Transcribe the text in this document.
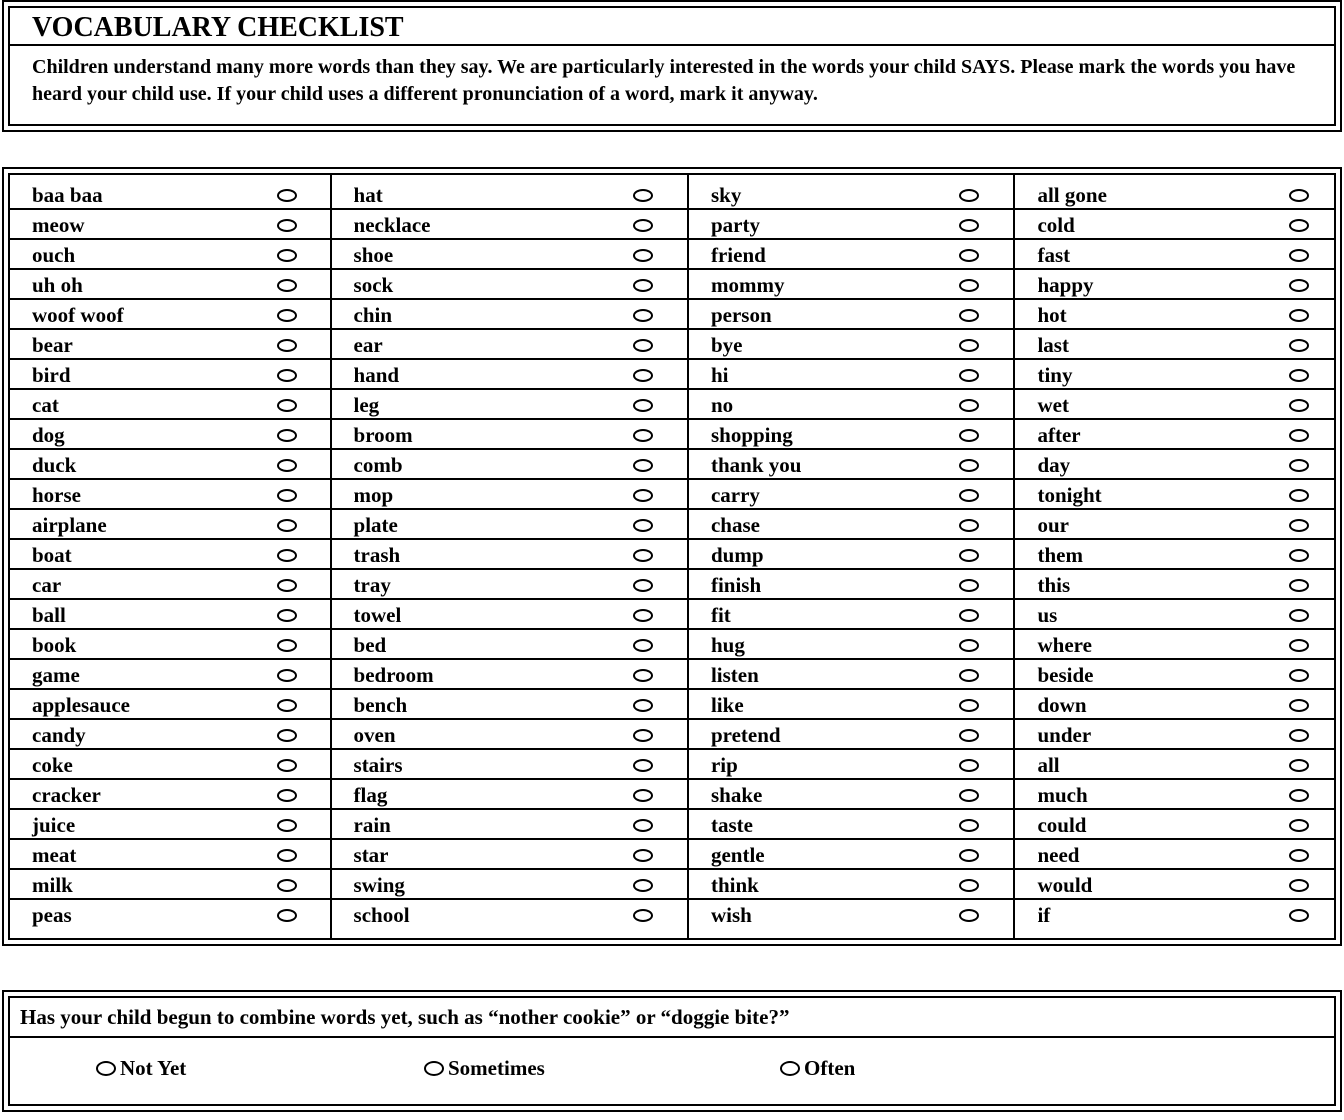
VOCABULARY CHECKLIST
Children understand many more words than they say. We are particularly interested in the words your child SAYS. Please mark the words you have heard your child use. If your child uses a different pronunciation of a word, mark it anyway.
baa baa
meow
ouch
uh oh
woof woof
bear
bird
cat
dog
duck
horse
airplane
boat
car
ball
book
game
applesauce
candy
coke
cracker
juice
meat
milk
peas
hat
necklace
shoe
sock
chin
ear
hand
leg
broom
comb
mop
plate
trash
tray
towel
bed
bedroom
bench
oven
stairs
flag
rain
star
swing
school
sky
party
friend
mommy
person
bye
hi
no
shopping
thank you
carry
chase
dump
finish
fit
hug
listen
like
pretend
rip
shake
taste
gentle
think
wish
all gone
cold
fast
happy
hot
last
tiny
wet
after
day
tonight
our
them
this
us
where
beside
down
under
all
much
could
need
would
if
Has your child begun to combine words yet, such as “nother cookie” or “doggie bite?”
Not Yet	Sometimes	Often
